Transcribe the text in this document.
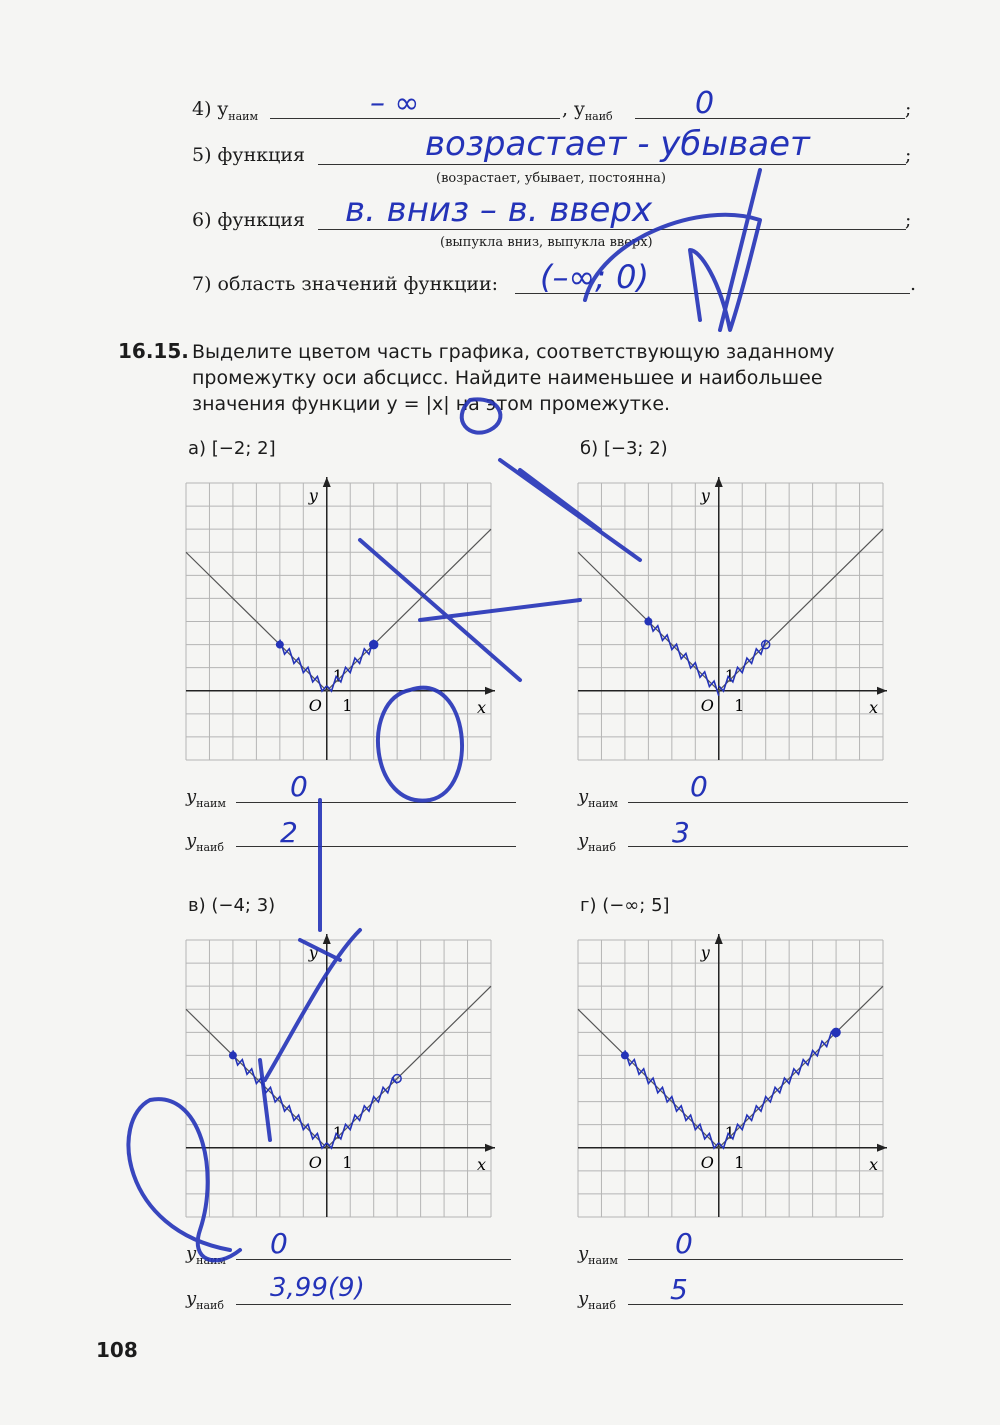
4) $y_{наим}$	, $y_{наиб}$	;
– ∞	0
5) функция	;
(возрастает, убывает, постоянна)
возрастает - убывает
6) функция	;
(выпукла вниз, выпукла вверх)
в. вниз – в. вверх
7) область значений функции:	.
(–∞; 0)
16.15. Выделите цветом часть графика, соответствующую заданному промежутку оси абсцисс. Найдите наименьшее и наибольшее значения функции y = |x| на этом промежутке.
а) [−2; 2]	б) [−3; 2)
в) (−4; 3)	г) (−∞; 5]
y
x
O 1
1
y
x
O 1
1
y
x
O 1
1
y
x
O 1
1
$y_{наим}$
0
$y_{наиб}$ 2
$y_{наим}$
0
$y_{наиб}$ 3
$y_{наим}$
0
$y_{наиб}$
3,99(9)
$y_{наим}$
0
$y_{наиб}$ 5
108
